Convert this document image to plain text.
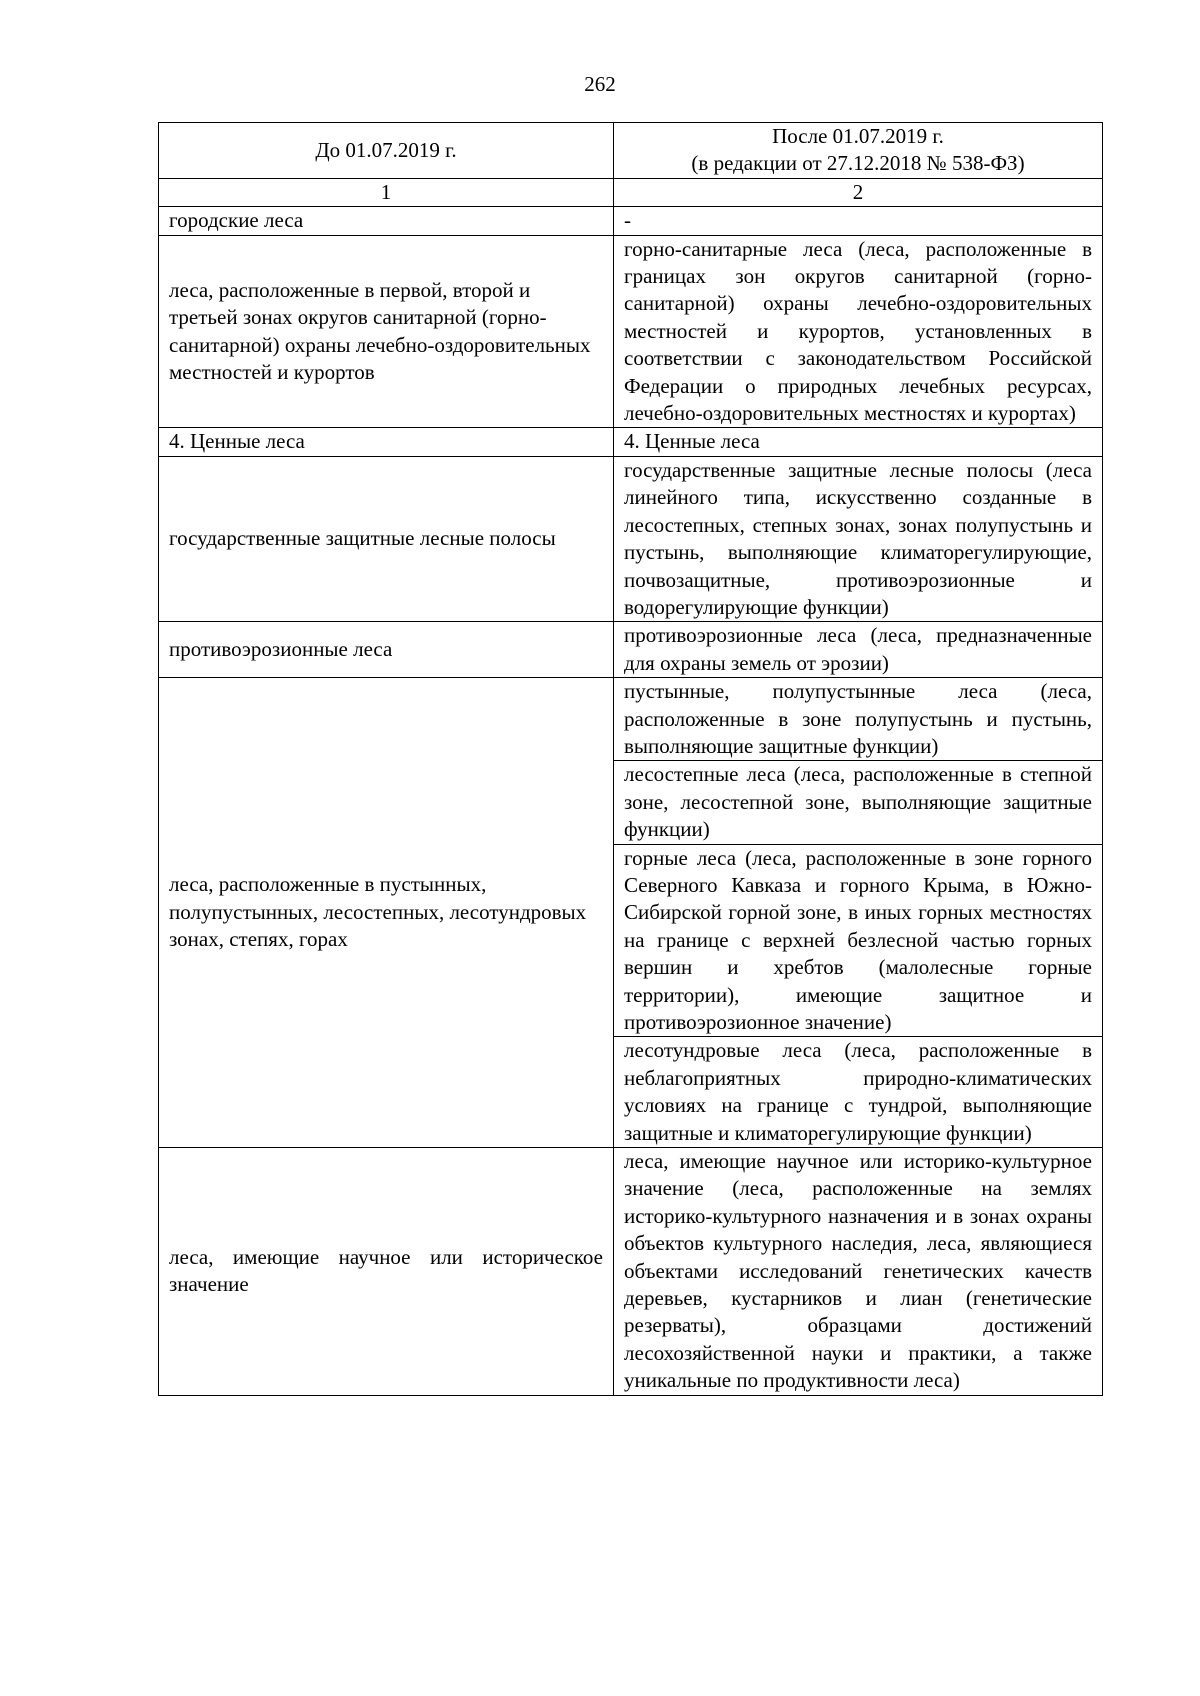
262
До 01.07.2019 г.	После 01.07.2019 г.
(в редакции от 27.12.2018 № 538-ФЗ)

1	2
городские леса	-
леса, расположенные в первой, второй и третьей зонах округов санитарной (горно-санитарной) охраны лечебно-оздоровительных местностей и курортов	горно-санитарные леса (леса, расположенные в границах зон округов санитарной (горно-санитарной) охраны лечебно-оздоровительных местностей и курортов, установленных в соответствии с законодательством Российской Федерации о природных лечебных ресурсах, лечебно-оздоровительных местностях и курортах)
4. Ценные леса	4. Ценные леса
государственные защитные лесные полосы	государственные защитные лесные полосы (леса линейного типа, искусственно созданные в лесостепных, степных зонах, зонах полупустынь и пустынь, выполняющие климаторегулирующие, почвозащитные, противоэрозионные и водорегулирующие функции)
противоэрозионные леса	противоэрозионные леса (леса, предназначенные для охраны земель от эрозии)
леса, расположенные в пустынных, полупустынных, лесостепных, лесотундровых зонах, степях, горах	пустынные, полупустынные леса (леса, расположенные в зоне полупустынь и пустынь, выполняющие защитные функции)
	лесостепные леса (леса, расположенные в степной зоне, лесостепной зоне, выполняющие защитные функции)
	горные леса (леса, расположенные в зоне горного Северного Кавказа и горного Крыма, в Южно-Сибирской горной зоне, в иных горных местностях на границе с верхней безлесной частью горных вершин и хребтов (малолесные горные территории), имеющие защитное и противоэрозионное значение)
	лесотундровые леса (леса, расположенные в неблагоприятных природно-климатических условиях на границе с тундрой, выполняющие защитные и климаторегулирующие функции)
леса, имеющие научное или историческое значение	леса, имеющие научное или историко-культурное значение (леса, расположенные на землях историко-культурного назначения и в зонах охраны объектов культурного наследия, леса, являющиеся объектами исследований генетических качеств деревьев, кустарников и лиан (генетические резерваты), образцами достижений лесохозяйственной науки и практики, а также уникальные по продуктивности леса)
